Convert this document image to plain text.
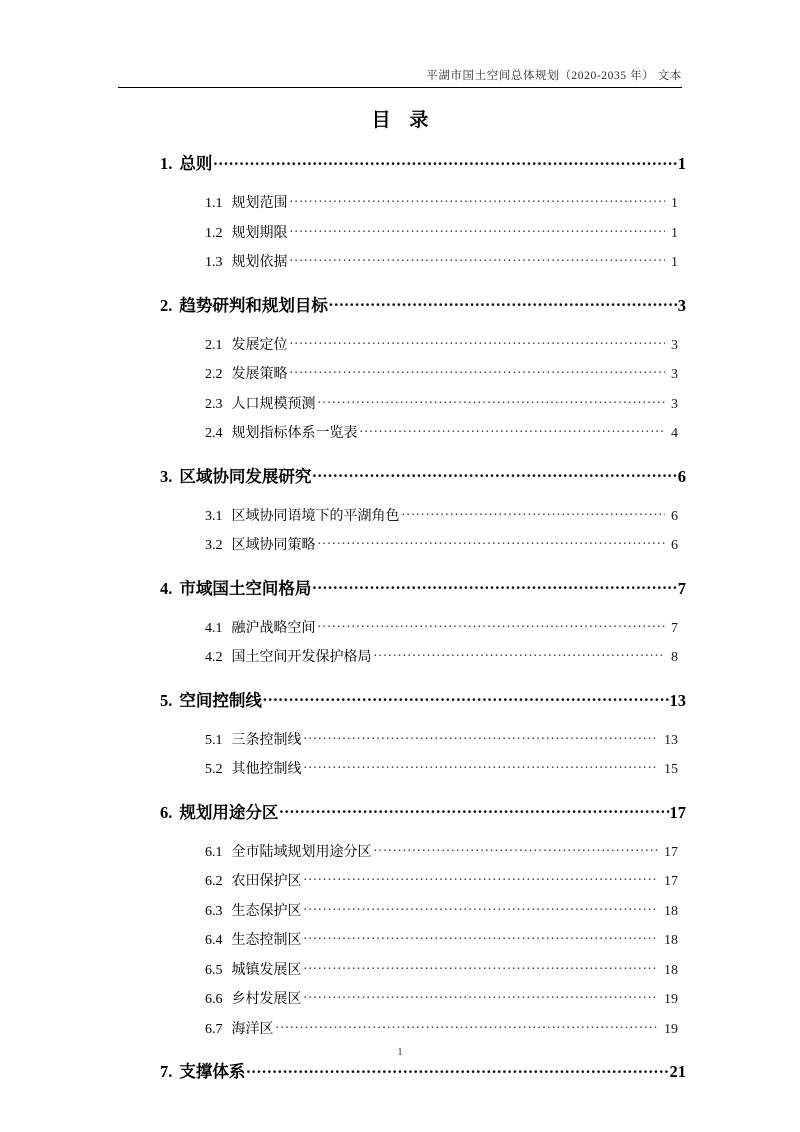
平湖市国土空间总体规划（2020-2035 年） 文本
目 录
1. 总则 .....	1
1.1 规划范围 .....	1
1.2 规划期限 .....	1
1.3 规划依据 .....	1
2. 趋势研判和规划目标 .....	3
2.1 发展定位 .....	3
2.2 发展策略 .....	3
2.3 人口规模预测 .....	3
2.4 规划指标体系一览表 .....	4
3. 区域协同发展研究 .....	6
3.1 区域协同语境下的平湖角色 .....	6
3.2 区域协同策略 .....	6
4. 市域国土空间格局 .....	7
4.1 融沪战略空间 .....	7
4.2 国土空间开发保护格局 .....	8
5. 空间控制线 .....	13
5.1 三条控制线 .....	13
5.2 其他控制线 .....	15
6. 规划用途分区 .....	17
6.1 全市陆域规划用途分区 .....	17
6.2 农田保护区 .....	17
6.3 生态保护区 .....	18
6.4 生态控制区 .....	18
6.5 城镇发展区 .....	18
6.6 乡村发展区 .....	19
6.7 海洋区 .....	19
7. 支撑体系 .....	21
1
